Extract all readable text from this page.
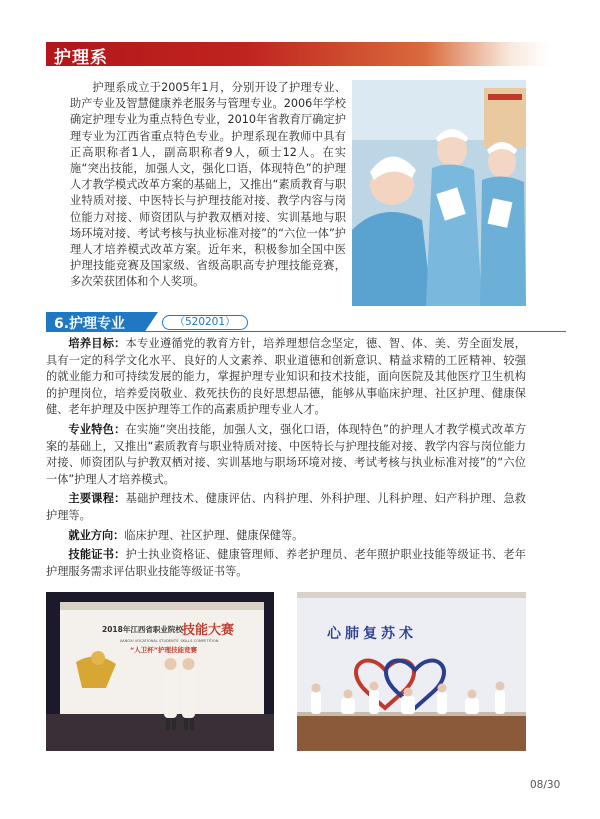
护理系

护理系成立于2005年1月，分别开设了护理专业、助产专业及智慧健康养老服务与管理专业。2006年学校确定护理专业为重点特色专业，2010年省教育厅确定护理专业为江西省重点特色专业。护理系现在教师中具有正高职称者1人，副高职称者9人，硕士12人。在实施“突出技能，加强人文，强化口语，体现特色”的护理人才教学模式改革方案的基础上，又推出“素质教育与职业特质对接、中医特长与护理技能对接、教学内容与岗位能力对接、师资团队与护教双栖对接、实训基地与职场环境对接、考试考核与执业标准对接”的“六位一体”护理人才培养模式改革方案。近年来，积极参加全国中医护理技能竞赛及国家级、省级高职高专护理技能竞赛，多次荣获团体和个人奖项。

6.护理专业	（520201）

培养目标：本专业遵循党的教育方针，培养理想信念坚定，德、智、体、美、劳全面发展，具有一定的科学文化水平、良好的人文素养、职业道德和创新意识、精益求精的工匠精神、较强的就业能力和可持续发展的能力，掌握护理专业知识和技术技能，面向医院及其他医疗卫生机构的护理岗位，培养爱岗敬业、救死扶伤的良好思想品德，能够从事临床护理、社区护理、健康保健、老年护理及中医护理等工作的高素质护理专业人才。

专业特色：在实施“突出技能，加强人文，强化口语，体现特色”的护理人才教学模式改革方案的基础上，又推出“素质教育与职业特质对接、中医特长与护理技能对接、教学内容与岗位能力对接、师资团队与护教双栖对接、实训基地与职场环境对接、考试考核与执业标准对接”的“六位一体”护理人才培养模式。

主要课程：基础护理技术、健康评估、内科护理、外科护理、儿科护理、妇产科护理、急救护理等。

就业方向：临床护理、社区护理、健康保健等。

技能证书：护士执业资格证、健康管理师、养老护理员、老年照护职业技能等级证书、老年护理服务需求评估职业技能等级证书等。

2018年江西省职业院校 技能大赛
JIANGXI VOCATIONAL STUDENTS' SKILLS COMPETITION
“人卫杯”护理技能竞赛
心肺复苏术
08/30
